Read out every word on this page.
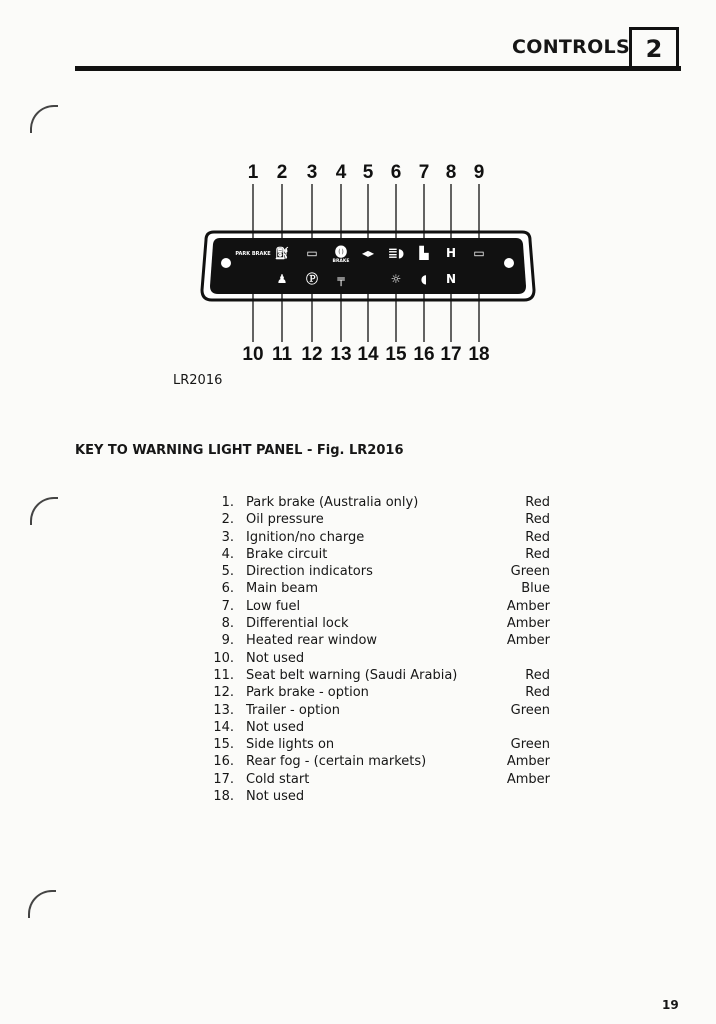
CONTROLS 2
1 2 3 4 5 6 7 8 9
10 11 12 13 14 15 16 17 18
PARK BRAKE
BRAKE
⛽︎ ▭ ⓿ ◂▸ ≣◗ ▙ H ▭
♟ Ⓟ ╤	☼ ◖ N
LR2016
KEY TO WARNING LIGHT PANEL - Fig. LR2016
1. Park brake (Australia only)	Red
2. Oil pressure	Red
3. Ignition/no charge	Red
4. Brake circuit	Red
5. Direction indicators	Green
6. Main beam	Blue
7. Low fuel	Amber
8. Differential lock	Amber
9. Heated rear window	Amber
10. Not used
11. Seat belt warning (Saudi Arabia)	Red
12. Park brake - option	Red
13. Trailer - option	Green
14. Not used
15. Side lights on	Green
16. Rear fog - (certain markets)	Amber
17. Cold start	Amber
18. Not used
19
